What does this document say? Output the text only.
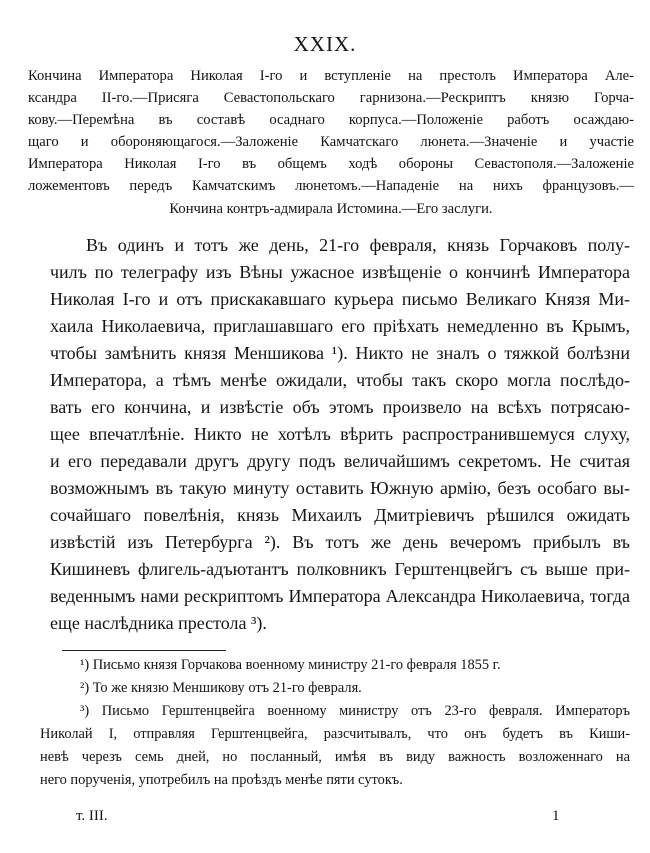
XXIX.
Кончина Императора Николая I-го и вступленіе на престолъ Императора Але-
ксандра II-го.—Присяга Севастопольскаго гарнизона.—Рескриптъ князю Горча-
кову.—Перемѣна въ составѣ осаднаго корпуса.—Положеніе работъ осаждаю-
щаго и обороняющагося.—Заложеніе Камчатскаго люнета.—Значеніе и участіе
Императора Николая I-го въ общемъ ходѣ обороны Севастополя.—Заложеніе
ложементовъ передъ Камчатскимъ люнетомъ.—Нападеніе на нихъ французовъ.—
Кончина контръ-адмирала Истомина.—Его заслуги.
Въ одинъ и тотъ же день, 21-го февраля, князь Горчаковъ полу-
чилъ по телеграфу изъ Вѣны ужасное извѣщеніе о кончинѣ Императора
Николая I-го и отъ прискакавшаго курьера письмо Великаго Князя Ми-
хаила Николаевича, приглашавшаго его пріѣхать немедленно въ Крымъ,
чтобы замѣнить князя Меншикова ¹). Никто не зналъ о тяжкой болѣзни
Императора, а тѣмъ менѣе ожидали, чтобы такъ скоро могла послѣдо-
вать его кончина, и извѣстіе объ этомъ произвело на всѣхъ потрясаю-
щее впечатлѣніе. Никто не хотѣлъ вѣрить распространившемуся слуху,
и его передавали другъ другу подъ величайшимъ секретомъ. Не считая
возможнымъ въ такую минуту оставить Южную армію, безъ особаго вы-
сочайшаго повелѣнія, князь Михаилъ Дмитріевичъ рѣшился ожидать
извѣстій изъ Петербурга ²). Въ тотъ же день вечеромъ прибылъ въ
Кишиневъ флигель-адъютантъ полковникъ Герштенцвейгъ съ выше при-
веденнымъ нами рескриптомъ Императора Александра Николаевича, тогда
еще наслѣдника престола ³).
¹) Письмо князя Горчакова военному министру 21-го февраля 1855 г.
²) То же князю Меншикову отъ 21-го февраля.
³) Письмо Герштенцвейга военному министру отъ 23-го февраля. Императоръ
Николай I, отправляя Герштенцвейга, разсчитывалъ, что онъ будетъ въ Киши-
невѣ черезъ семь дней, но посланный, имѣя въ виду важность возложеннаго на
него порученія, употребилъ на проѣздъ менѣе пяти сутокъ.
т. III.	1
